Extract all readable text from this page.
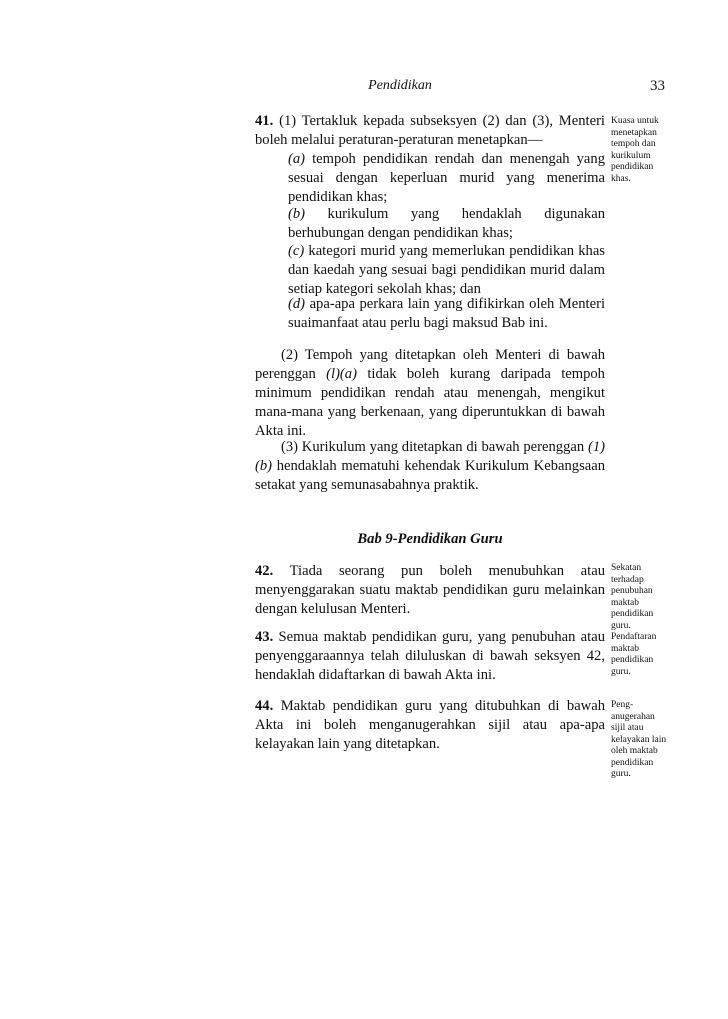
Pendidikan	33
41. (1) Tertakluk kepada subseksyen (2) dan (3), Menteri boleh melalui peraturan-peraturan menetapkan—
Kuasa untuk menetapkan tempoh dan kurikulum pendidikan khas.
(a) tempoh pendidikan rendah dan menengah yang sesuai dengan keperluan murid yang menerima pendidikan khas;
(b) kurikulum yang hendaklah digunakan berhubungan dengan pendidikan khas;
(c) kategori murid yang memerlukan pendidikan khas dan kaedah yang sesuai bagi pendidikan murid dalam setiap kategori sekolah khas; dan
(d) apa-apa perkara lain yang difikirkan oleh Menteri suaimanfaat atau perlu bagi maksud Bab ini.
(2) Tempoh yang ditetapkan oleh Menteri di bawah perenggan (l)(a) tidak boleh kurang daripada tempoh minimum pendidikan rendah atau menengah, mengikut mana-mana yang berkenaan, yang diperuntukkan di bawah Akta ini.
(3) Kurikulum yang ditetapkan di bawah perenggan (1)(b) hendaklah mematuhi kehendak Kurikulum Kebangsaan setakat yang semunasabahnya praktik.
Bab 9-Pendidikan Guru
42. Tiada seorang pun boleh menubuhkan atau menyenggarakan suatu maktab pendidikan guru melainkan dengan kelulusan Menteri.
Sekatan terhadap penubuhan maktab pendidikan guru.
43. Semua maktab pendidikan guru, yang penubuhan atau penyenggaraannya telah diluluskan di bawah seksyen 42, hendaklah didaftarkan di bawah Akta ini.
Pendaftaran maktab pendidikan guru.
44. Maktab pendidikan guru yang ditubuhkan di bawah Akta ini boleh menganugerahkan sijil atau apa-apa kelayakan lain yang ditetapkan.
Peng-anugerahan sijil atau kelayakan lain oleh maktab pendidikan guru.
